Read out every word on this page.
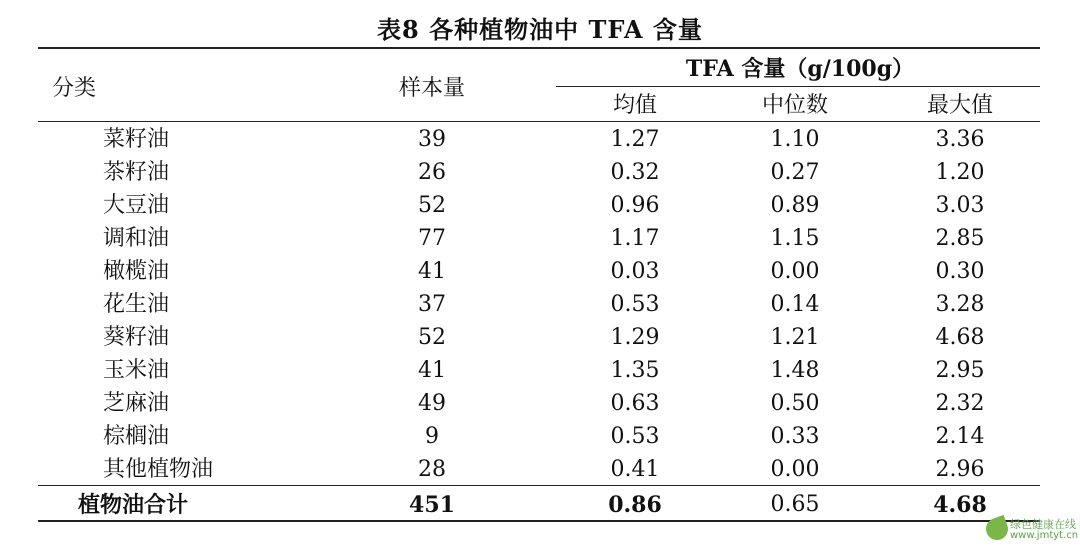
表8 各种植物油中 TFA 含量
分类	样本量
TFA 含量（g/100g）
均值	中位数	最大值
菜籽油	39	1.27	1.10	3.36
茶籽油	26	0.32	0.27	1.20
大豆油	52	0.96	0.89	3.03
调和油	77	1.17	1.15	2.85
橄榄油	41	0.03	0.00	0.30
花生油	37	0.53	0.14	3.28
葵籽油	52	1.29	1.21	4.68
玉米油	41	1.35	1.48	2.95
芝麻油	49	0.63	0.50	2.32
棕榈油	9	0.53	0.33	2.14
其他植物油	28	0.41	0.00	2.96
植物油合计	451	0.86	0.65	4.68
绿色健康在线
www.jmtyt.cn
